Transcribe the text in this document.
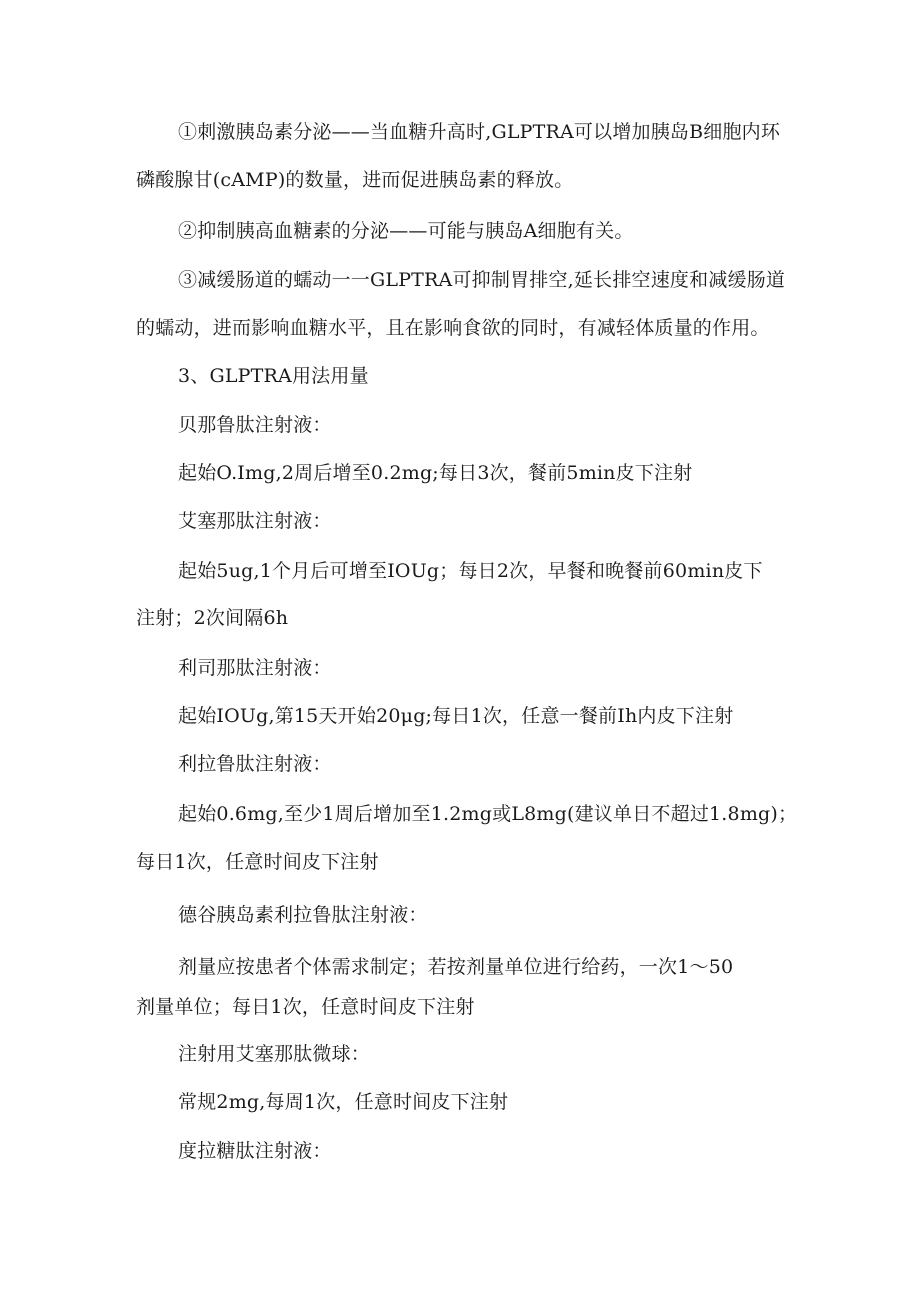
①刺激胰岛素分泌——当血糖升高时,GLPTRA可以增加胰岛B细胞内环
磷酸腺甘(cAMP)的数量，进而促进胰岛素的释放。
②抑制胰高血糖素的分泌——可能与胰岛A细胞有关。
③减缓肠道的蠕动一一GLPTRA可抑制胃排空,延长排空速度和减缓肠道
的蠕动，进而影响血糖水平，且在影响食欲的同时，有减轻体质量的作用。
3、GLPTRA用法用量
贝那鲁肽注射液：
起始O.Img,2周后增至0.2mg;每日3次，餐前5min皮下注射
艾塞那肽注射液：
起始5ug,1个月后可增至IOUg；每日2次，早餐和晚餐前60min皮下
注射；2次间隔6h
利司那肽注射液：
起始IOUg,第15天开始20μg;每日1次，任意一餐前Ih内皮下注射
利拉鲁肽注射液：
起始0.6mg,至少1周后增加至1.2mg或L8mg(建议单日不超过1.8mg)；
每日1次，任意时间皮下注射
德谷胰岛素利拉鲁肽注射液：
剂量应按患者个体需求制定；若按剂量单位进行给药，一次1〜50
剂量单位；每日1次，任意时间皮下注射
注射用艾塞那肽微球：
常规2mg,每周1次，任意时间皮下注射
度拉糖肽注射液：
